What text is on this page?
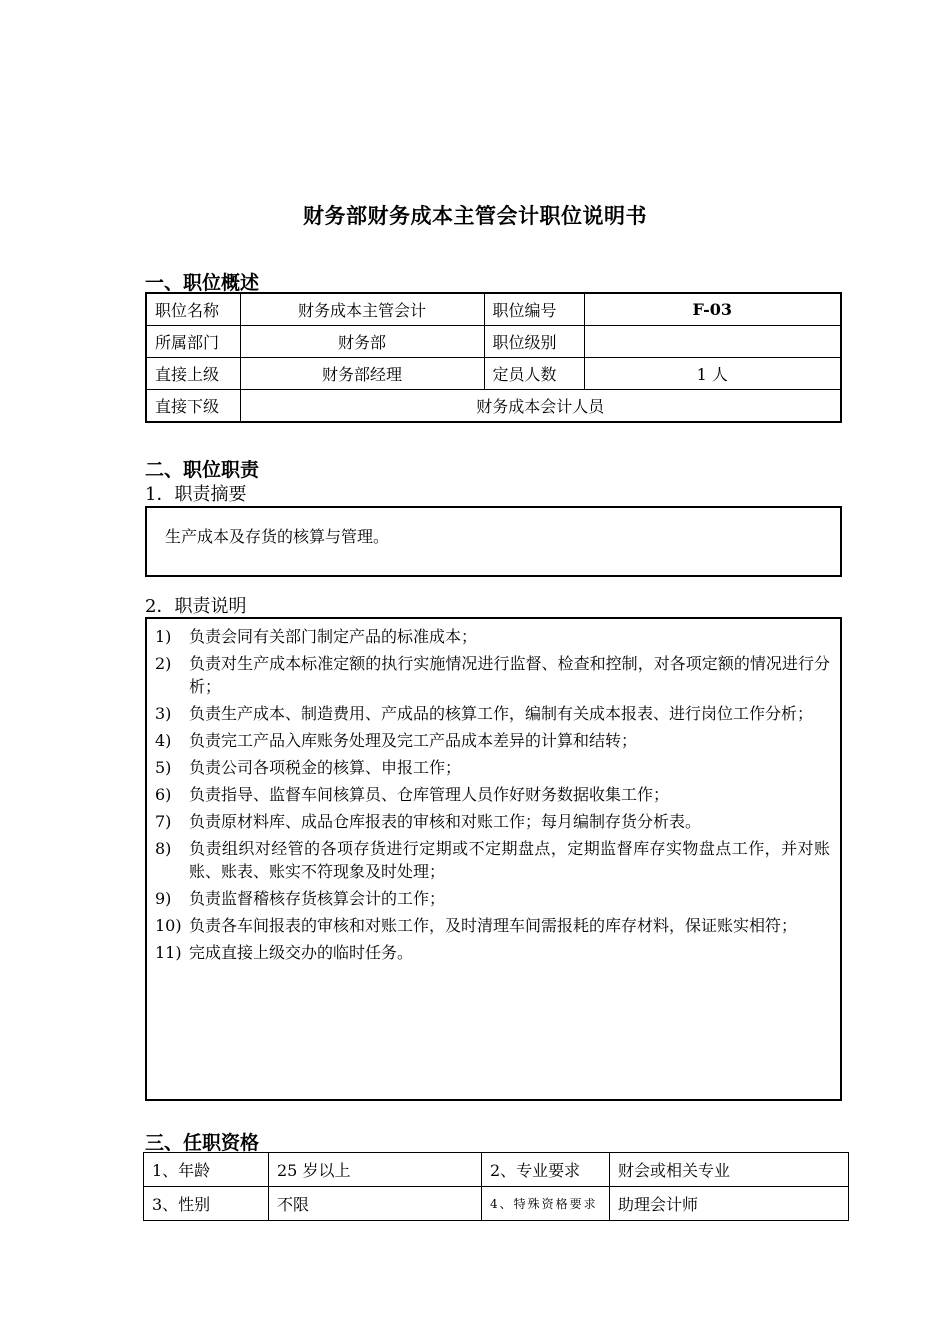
财务部财务成本主管会计职位说明书
一、职位概述
职位名称	财务成本主管会计	职位编号	F-03
所属部门	财务部	职位级别	
直接上级	财务部经理	定员人数	1 人
直接下级	财务成本会计人员		
二、职位职责
1．职责摘要
生产成本及存货的核算与管理。
2．职责说明
1)	负责会同有关部门制定产品的标准成本；
2)	负责对生产成本标准定额的执行实施情况进行监督、检查和控制，对各项定额的情况进行分析；
3)	负责生产成本、制造费用、产成品的核算工作，编制有关成本报表、进行岗位工作分析；
4)	负责完工产品入库账务处理及完工产品成本差异的计算和结转；
5)	负责公司各项税金的核算、申报工作；
6)	负责指导、监督车间核算员、仓库管理人员作好财务数据收集工作；
7)	负责原材料库、成品仓库报表的审核和对账工作；每月编制存货分析表。
8)	负责组织对经管的各项存货进行定期或不定期盘点，定期监督库存实物盘点工作，并对账账、账表、账实不符现象及时处理；
9)	负责监督稽核存货核算会计的工作；
10) 负责各车间报表的审核和对账工作，及时清理车间需报耗的库存材料，保证账实相符；
11) 完成直接上级交办的临时任务。
三、任职资格
1、年龄	25 岁以上	2、专业要求	财会或相关专业
3、性别	不限	4、特殊资格要求	助理会计师
